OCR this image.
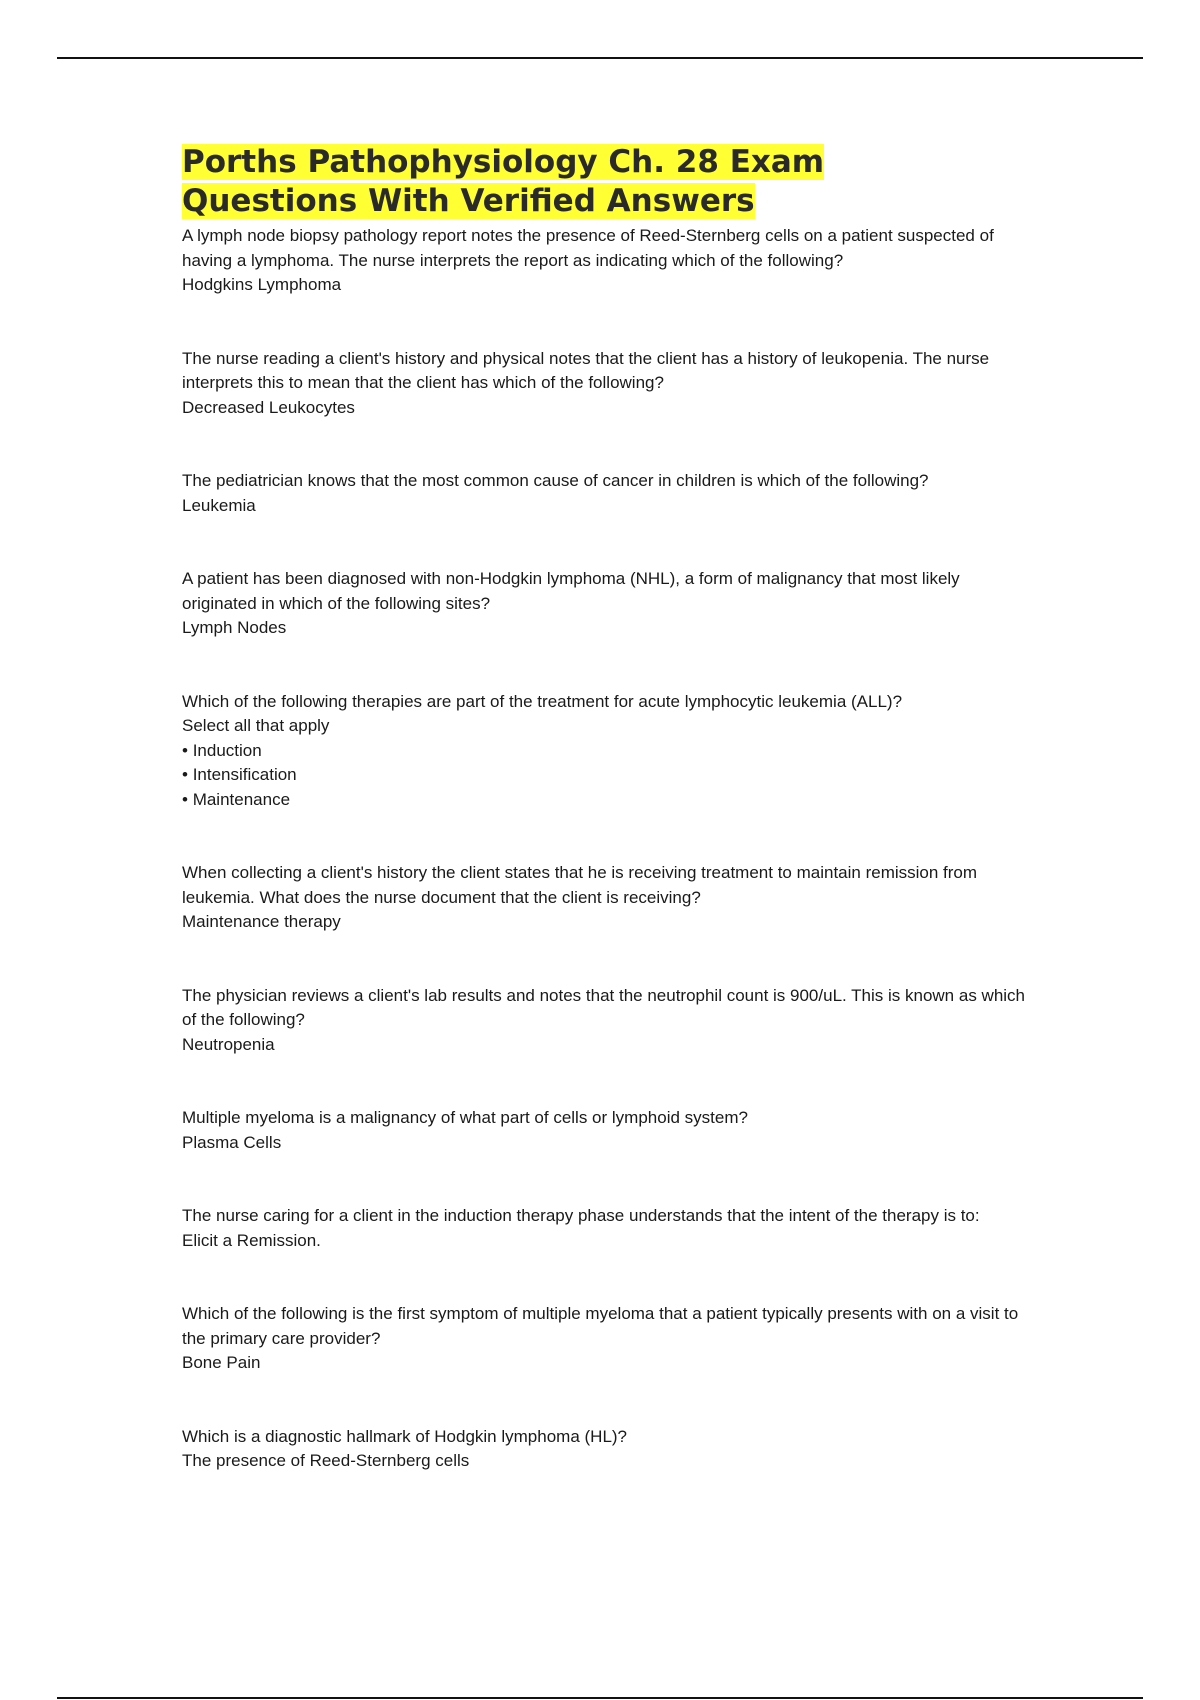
Porths Pathophysiology Ch. 28 Exam
Questions With Verified Answers
A lymph node biopsy pathology report notes the presence of Reed-Sternberg cells on a patient suspected of having a lymphoma. The nurse interprets the report as indicating which of the following?
Hodgkins Lymphoma
The nurse reading a client's history and physical notes that the client has a history of leukopenia. The nurse interprets this to mean that the client has which of the following?
Decreased Leukocytes
The pediatrician knows that the most common cause of cancer in children is which of the following?
Leukemia
A patient has been diagnosed with non-Hodgkin lymphoma (NHL), a form of malignancy that most likely originated in which of the following sites?
Lymph Nodes
Which of the following therapies are part of the treatment for acute lymphocytic leukemia (ALL)?
Select all that apply
• Induction
• Intensification
• Maintenance
When collecting a client's history the client states that he is receiving treatment to maintain remission from leukemia. What does the nurse document that the client is receiving?
Maintenance therapy
The physician reviews a client's lab results and notes that the neutrophil count is 900/uL. This is known as which of the following?
Neutropenia
Multiple myeloma is a malignancy of what part of cells or lymphoid system?
Plasma Cells
The nurse caring for a client in the induction therapy phase understands that the intent of the therapy is to:
Elicit a Remission.
Which of the following is the first symptom of multiple myeloma that a patient typically presents with on a visit to the primary care provider?
Bone Pain
Which is a diagnostic hallmark of Hodgkin lymphoma (HL)?
The presence of Reed-Sternberg cells
